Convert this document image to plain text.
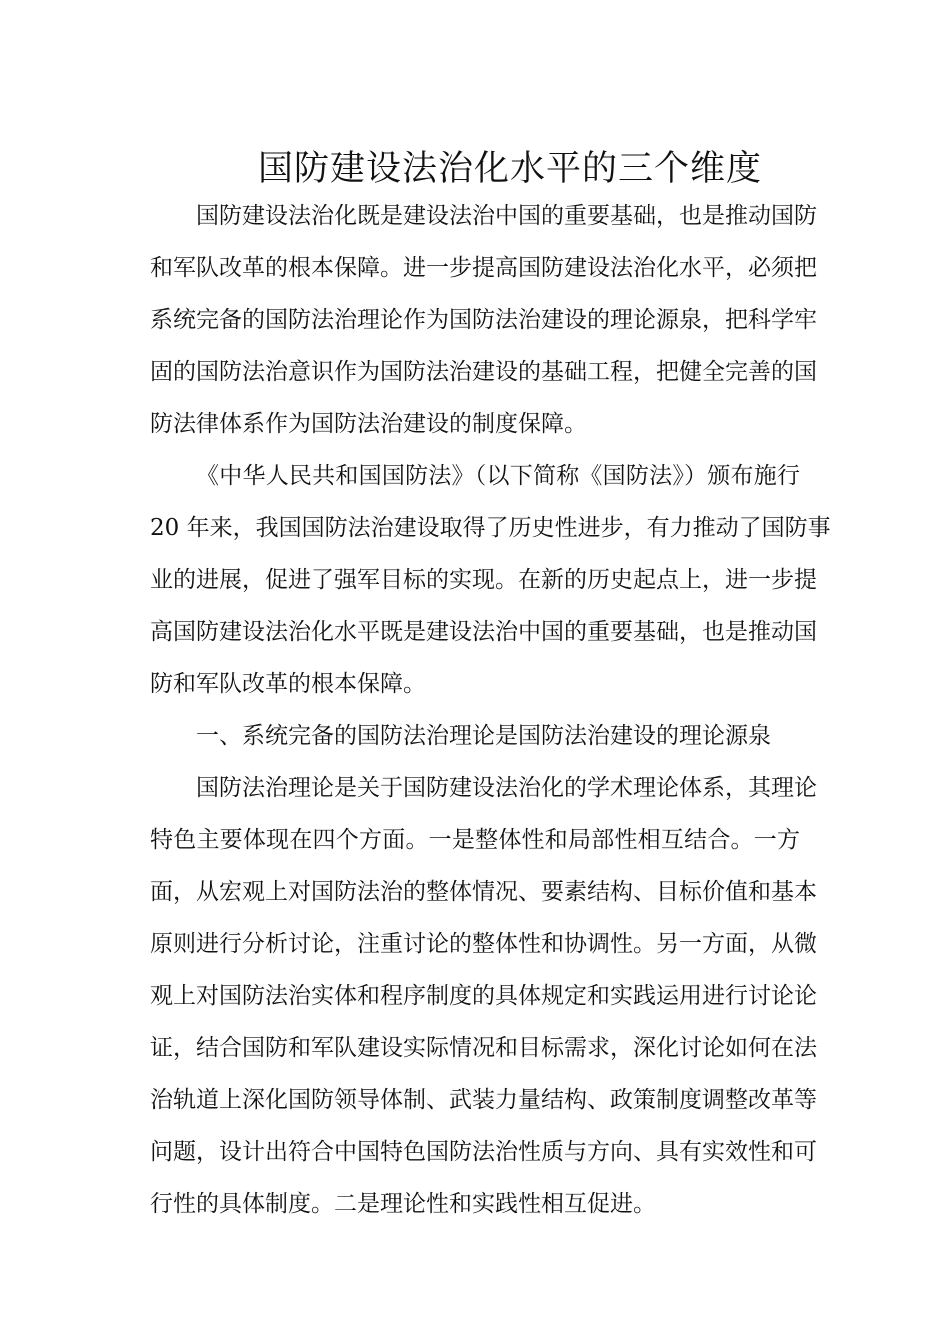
国防建设法治化水平的三个维度
国防建设法治化既是建设法治中国的重要基础，也是推动国防
和军队改革的根本保障。进一步提高国防建设法治化水平，必须把
系统完备的国防法治理论作为国防法治建设的理论源泉，把科学牢
固的国防法治意识作为国防法治建设的基础工程，把健全完善的国
防法律体系作为国防法治建设的制度保障。
《中华人民共和国国防法》（以下简称《国防法》）颁布施行
20 年来，我国国防法治建设取得了历史性进步，有力推动了国防事
业的进展，促进了强军目标的实现。在新的历史起点上，进一步提
高国防建设法治化水平既是建设法治中国的重要基础，也是推动国
防和军队改革的根本保障。
一、系统完备的国防法治理论是国防法治建设的理论源泉
国防法治理论是关于国防建设法治化的学术理论体系，其理论
特色主要体现在四个方面。一是整体性和局部性相互结合。一方
面，从宏观上对国防法治的整体情况、要素结构、目标价值和基本
原则进行分析讨论，注重讨论的整体性和协调性。另一方面，从微
观上对国防法治实体和程序制度的具体规定和实践运用进行讨论论
证，结合国防和军队建设实际情况和目标需求，深化讨论如何在法
治轨道上深化国防领导体制、武装力量结构、政策制度调整改革等
问题，设计出符合中国特色国防法治性质与方向、具有实效性和可
行性的具体制度。二是理论性和实践性相互促进。
